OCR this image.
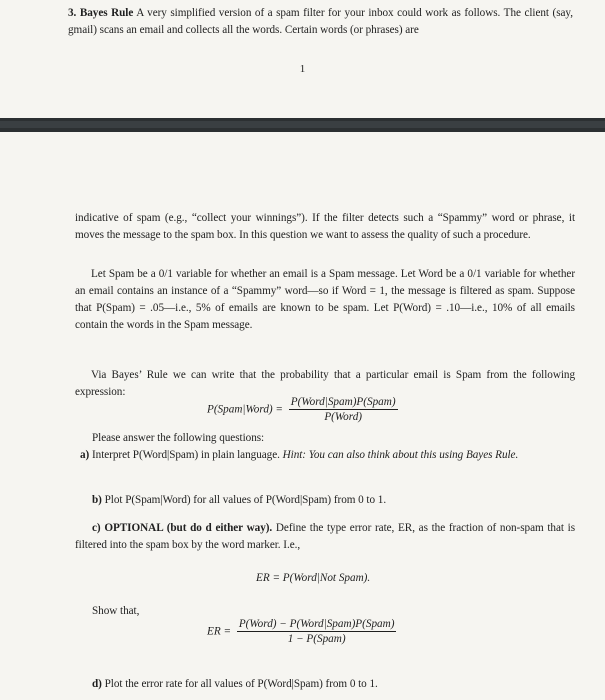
3. Bayes Rule A very simplified version of a spam filter for your inbox could work as follows. The client (say, gmail) scans an email and collects all the words. Certain words (or phrases) are
1
indicative of spam (e.g., “collect your winnings”). If the filter detects such a “Spammy” word or phrase, it moves the message to the spam box. In this question we want to assess the quality of such a procedure.
Let Spam be a 0/1 variable for whether an email is a Spam message. Let Word be a 0/1 variable for whether an email contains an instance of a “Spammy” word—so if Word = 1, the message is filtered as spam. Suppose that P(Spam) = .05—i.e., 5% of emails are known to be spam. Let P(Word) = .10—i.e., 10% of all emails contain the words in the Spam message.
Via Bayes’ Rule we can write that the probability that a particular email is Spam from the following expression:
P(Spam|Word) = $\frac{\text{P(Word|Spam)P(Spam)}}{\text{P(Word)}}$
Please answer the following questions:
a) Interpret P(Word|Spam) in plain language. Hint: You can also think about this using Bayes Rule.
b) Plot P(Spam|Word) for all values of P(Word|Spam) from 0 to 1.
c) OPTIONAL (but do d either way). Define the type error rate, ER, as the fraction of non-spam that is filtered into the spam box by the word marker. I.e.,
ER = P(Word|Not Spam).
Show that,
ER = $\frac{\text{P(Word) − P(Word|Spam)P(Spam)}}{\text{1 − P(Spam)}}$
d) Plot the error rate for all values of P(Word|Spam) from 0 to 1.
